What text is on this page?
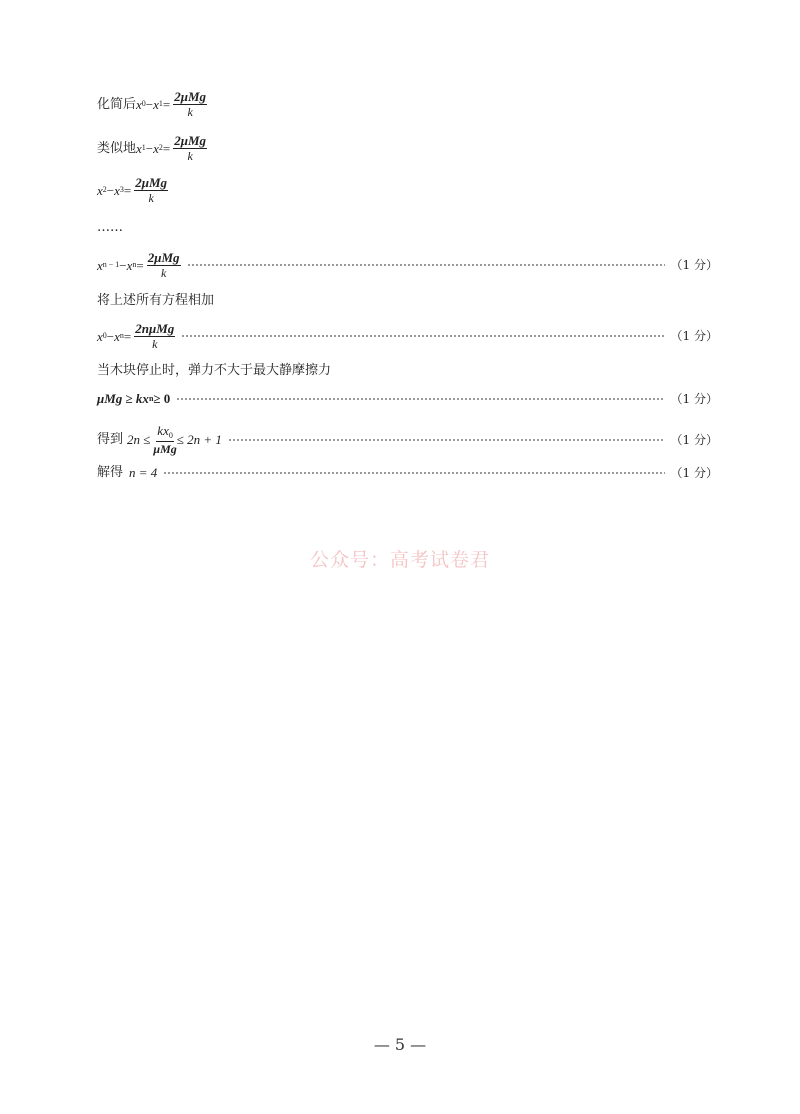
化简后 x 0 − x $1 = \frac{\text{2μMg}}{k}$
类似地 x 1 − x $2 = \frac{\text{2μMg}}{k}$
x 2 − x $3 = \frac{\text{2μMg}}{k}$
……
x n − 1 − x $n = \frac{\text{2μMg}}{k}$	（1 分）
将上述所有方程相加
x 0 − x $n = \frac{\text{2nμMg}}{k}$	（1 分）
当木块停止时，弹力不大于最大静摩擦力
μMg ≥ kx n ≥ 0	（1 分）
得到 $2n \le \frac{kx_0}{\text{μMg}} \le 2n + 1$	（1 分）
解得 n = 4	（1 分）
公众号：高考试卷君
— 5 —
